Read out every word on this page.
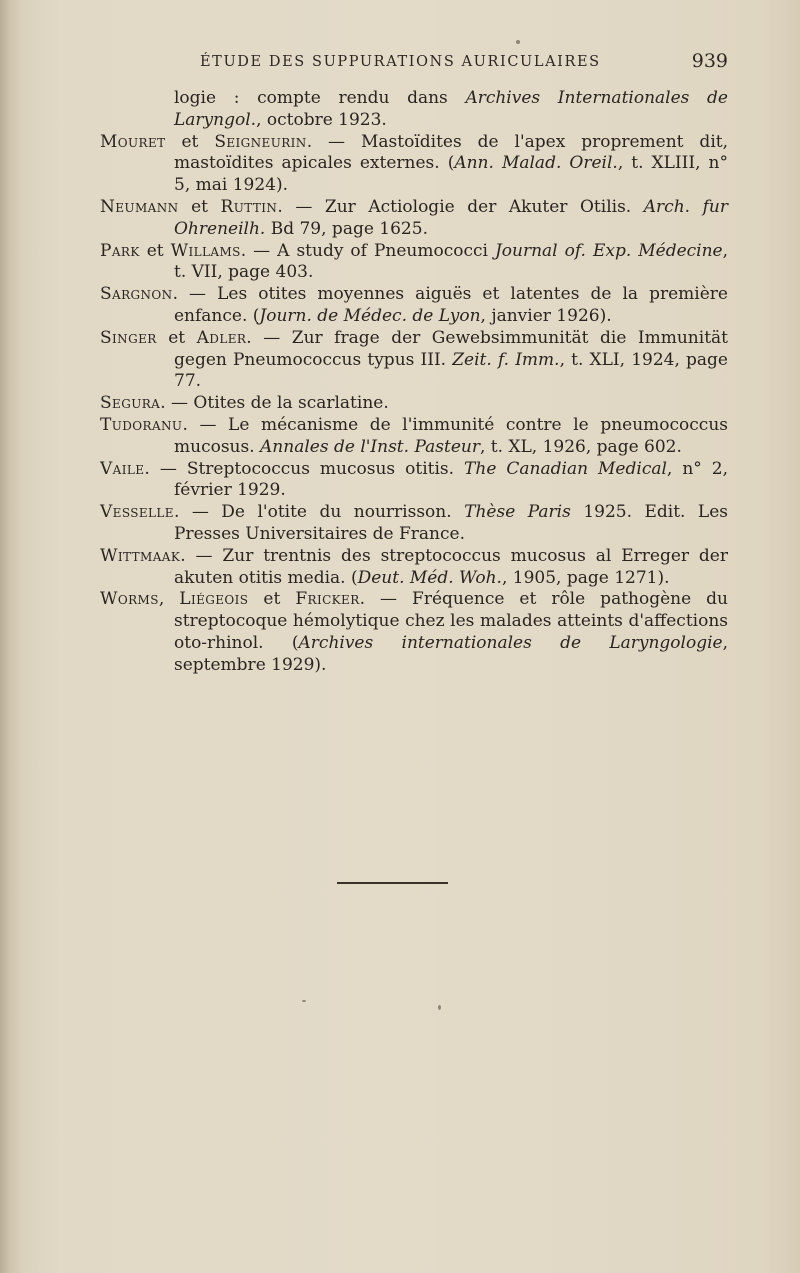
ÉTUDE DES SUPPURATIONS AURICULAIRES	939

logie : compte rendu dans Archives Internationales de Laryngol., octobre 1923.

Mouret et Seigneurin. — Mastoïdites de l'apex proprement dit, mastoïdites apicales externes. (Ann. Malad. Oreil., t. XLIII, n° 5, mai 1924).

Neumann et Ruttin. — Zur Actiologie der Akuter Otilis. Arch. fur Ohreneilh. Bd 79, page 1625.

Park et Willams. — A study of Pneumococci Journal of. Exp. Médecine, t. VII, page 403.

Sargnon. — Les otites moyennes aiguës et latentes de la première enfance. (Journ. de Médec. de Lyon, janvier 1926).

Singer et Adler. — Zur frage der Gewebsimmunität die Immunität gegen Pneumococcus typus III. Zeit. f. Imm., t. XLI, 1924, page 77.

Segura. — Otites de la scarlatine.

Tudoranu. — Le mécanisme de l'immunité contre le pneumococcus mucosus. Annales de l'Inst. Pasteur, t. XL, 1926, page 602.

Vaile. — Streptococcus mucosus otitis. The Canadian Medical, n° 2, février 1929.

Vesselle. — De l'otite du nourrisson. Thèse Paris 1925. Edit. Les Presses Universitaires de France.

Wittmaak. — Zur trentnis des streptococcus mucosus al Erreger der akuten otitis media. (Deut. Méd. Woh., 1905, page 1271).

Worms, Liégeois et Fricker. — Fréquence et rôle pathogène du streptocoque hémolytique chez les malades atteints d'affections oto-rhinol. (Archives internationales de Laryngologie, septembre 1929).
